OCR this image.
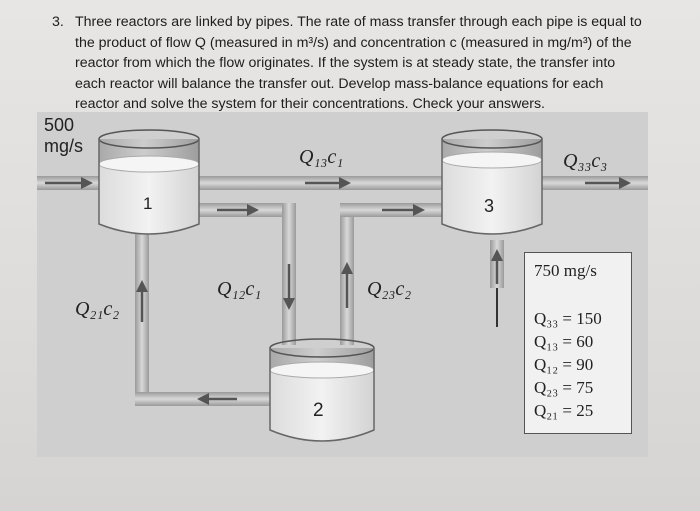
3. Three reactors are linked by pipes. The rate of mass transfer through each pipe is equal to
the product of flow Q (measured in m³/s) and concentration c (measured in mg/m³) of the
reactor from which the flow originates. If the system is at steady state, the transfer into
each reactor will balance the transfer out. Develop mass-balance equations for each
reactor and solve the system for their concentrations. Check your answers.
500
mg/s
1	3
2
Q₁₃c₁	Q₃₃c₃
Q₁₂c₁	Q₂₃c₂
Q₂₁c₂
750 mg/s
Q₃₃ = 150
Q₁₃ = 60
Q₁₂ = 90
Q₂₃ = 75
Q₂₁ = 25
